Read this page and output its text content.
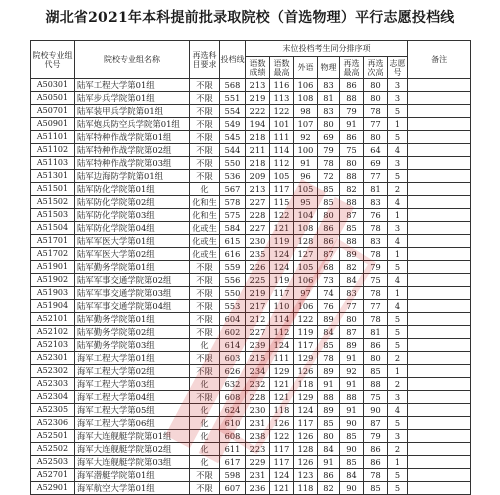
湖北省2021年本科提前批录取院校（首选物理）平行志愿投档线
院校专业组代号	院校专业组名称	再选科目要求	投档线	末位投档考生同分排序项							备注
				语数成绩	语数最高	外语	物理	再选最高	再选次高	志愿号	
A50301	陆军工程大学第01组	不限	568	213	116	106	83	86	80	3	
A50501	陆军步兵学院第01组	不限	551	219	113	108	81	88	80	3	
A50701	陆军装甲兵学院第01组	不限	554	222	122	98	83	79	78	5	
A50901	陆军炮兵防空兵学院第01组	不限	549	194	101	107	80	91	77	1	
A51101	陆军特种作战学院第01组	不限	545	218	111	92	69	86	80	5	
A51102	陆军特种作战学院第02组	不限	544	211	114	100	79	75	64	4	
A51103	陆军特种作战学院第03组	不限	550	218	112	91	78	80	69	3	
A51301	陆军边海防学院第01组	不限	536	209	105	96	72	88	77	5	
A51501	陆军防化学院第01组	化	567	213	117	105	85	82	81	2	
A51502	陆军防化学院第02组	化和生	578	227	115	95	85	88	83	4	
A51503	陆军防化学院第03组	化和生	575	228	122	104	80	87	76	1	
A51504	陆军防化学院第04组	化或生	584	227	121	108	86	85	78	3	
A51701	陆军军医大学第01组	化或生	615	230	119	128	86	88	83	4	
A51702	陆军军医大学第02组	化或生	616	235	124	127	87	89	78	1	
A51901	陆军勤务学院第01组	不限	559	226	124	105	68	82	79	5	
A51902	陆军军事交通学院第02组	不限	556	225	119	106	73	84	75	4	
A51903	陆军军事交通学院第03组	不限	550	219	117	97	74	83	78	1	
A51904	陆军军事交通学院第04组	不限	553	217	110	106	76	77	77	4	
A52101	陆军勤务学院第01组	不限	604	212	114	122	89	80	78	5	
A52102	陆军勤务学院第02组	不限	602	227	112	119	84	87	81	5	
A52103	陆军勤务学院第03组	化	614	239	124	117	85	89	86	5	
A52301	海军工程大学第01组	不限	603	215	111	129	78	91	80	2	
A52302	海军工程大学第02组	不限	626	234	129	126	89	92	85	1	
A52303	海军工程大学第03组	化	632	232	121	118	91	91	88	2	
A52304	海军工程大学第04组	不限	608	228	121	129	88	88	75	3	
A52305	海军工程大学第05组	化	624	230	118	124	89	91	90	4	
A52306	海军工程大学第06组	化	610	231	126	117	85	90	87	5	
A52501	海军大连舰艇学院第01组	化	608	238	122	126	80	85	79	3	
A52502	海军大连舰艇学院第02组	化	611	223	117	128	84	90	86	2	
A52503	海军大连舰艇学院第03组	化	617	229	117	126	91	85	86	1	
A52701	海军潜艇学院第01组	不限	598	231	124	123	86	84	78	5	
A52901	海军航空大学第01组	不限	607	236	121	118	82	90	85	5	
